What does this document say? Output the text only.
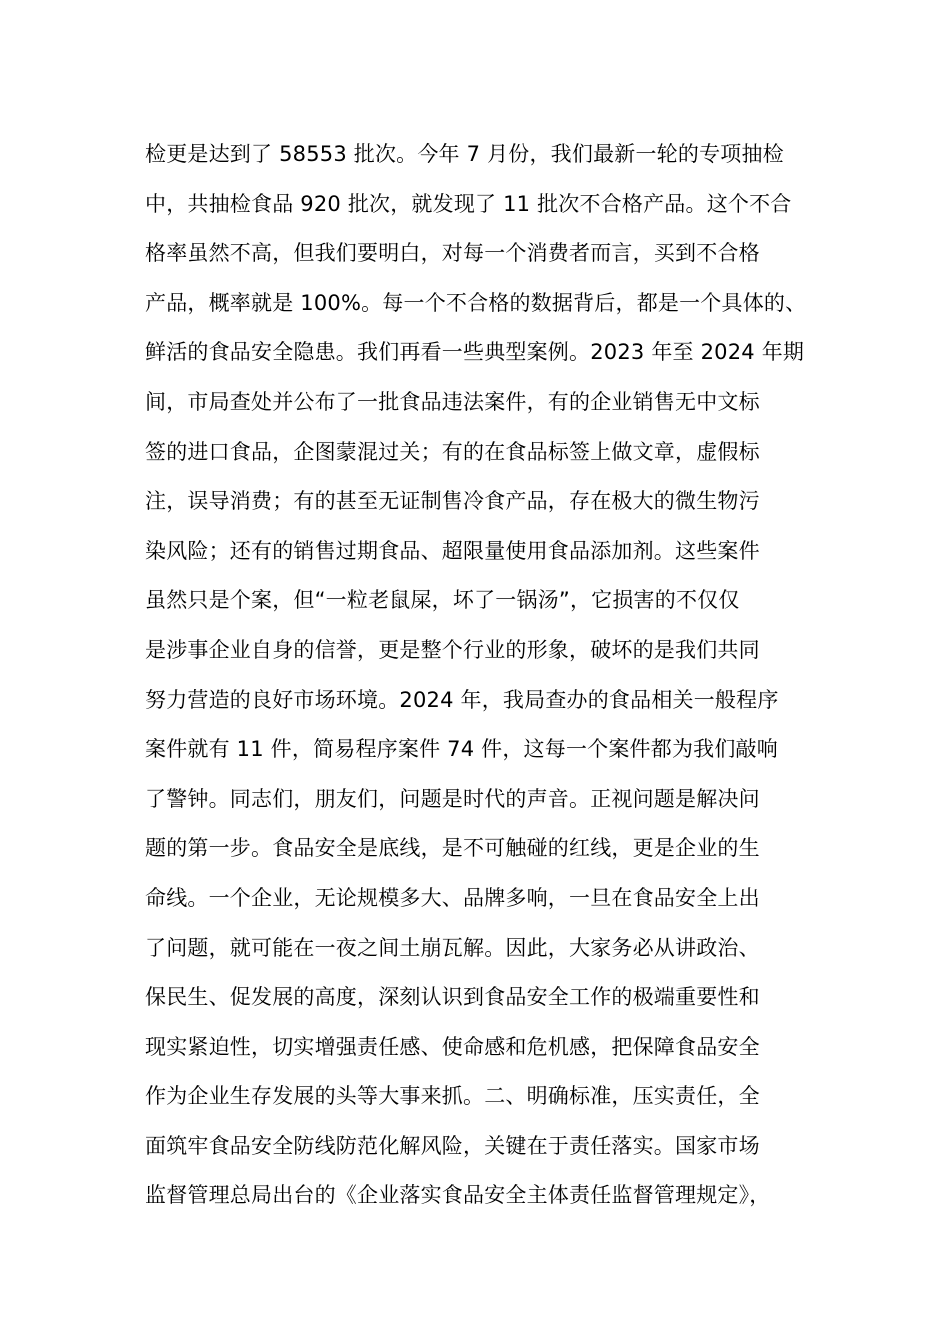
检更是达到了 58553 批次。今年 7 月份，我们最新一轮的专项抽检
中，共抽检食品 920 批次，就发现了 11 批次不合格产品。这个不合
格率虽然不高，但我们要明白，对每一个消费者而言，买到不合格
产品，概率就是 100%。每一个不合格的数据背后，都是一个具体的、
鲜活的食品安全隐患。我们再看一些典型案例。2023 年至 2024 年期
间，市局查处并公布了一批食品违法案件，有的企业销售无中文标
签的进口食品，企图蒙混过关；有的在食品标签上做文章，虚假标
注，误导消费；有的甚至无证制售冷食产品，存在极大的微生物污
染风险；还有的销售过期食品、超限量使用食品添加剂。这些案件
虽然只是个案，但“一粒老鼠屎，坏了一锅汤”，它损害的不仅仅
是涉事企业自身的信誉，更是整个行业的形象，破坏的是我们共同
努力营造的良好市场环境。2024 年，我局查办的食品相关一般程序
案件就有 11 件，简易程序案件 74 件，这每一个案件都为我们敲响
了警钟。同志们，朋友们，问题是时代的声音。正视问题是解决问
题的第一步。食品安全是底线，是不可触碰的红线，更是企业的生
命线。一个企业，无论规模多大、品牌多响，一旦在食品安全上出
了问题，就可能在一夜之间土崩瓦解。因此，大家务必从讲政治、
保民生、促发展的高度，深刻认识到食品安全工作的极端重要性和
现实紧迫性，切实增强责任感、使命感和危机感，把保障食品安全
作为企业生存发展的头等大事来抓。二、明确标准，压实责任，全
面筑牢食品安全防线防范化解风险，关键在于责任落实。国家市场
监督管理总局出台的《企业落实食品安全主体责任监督管理规定》，
